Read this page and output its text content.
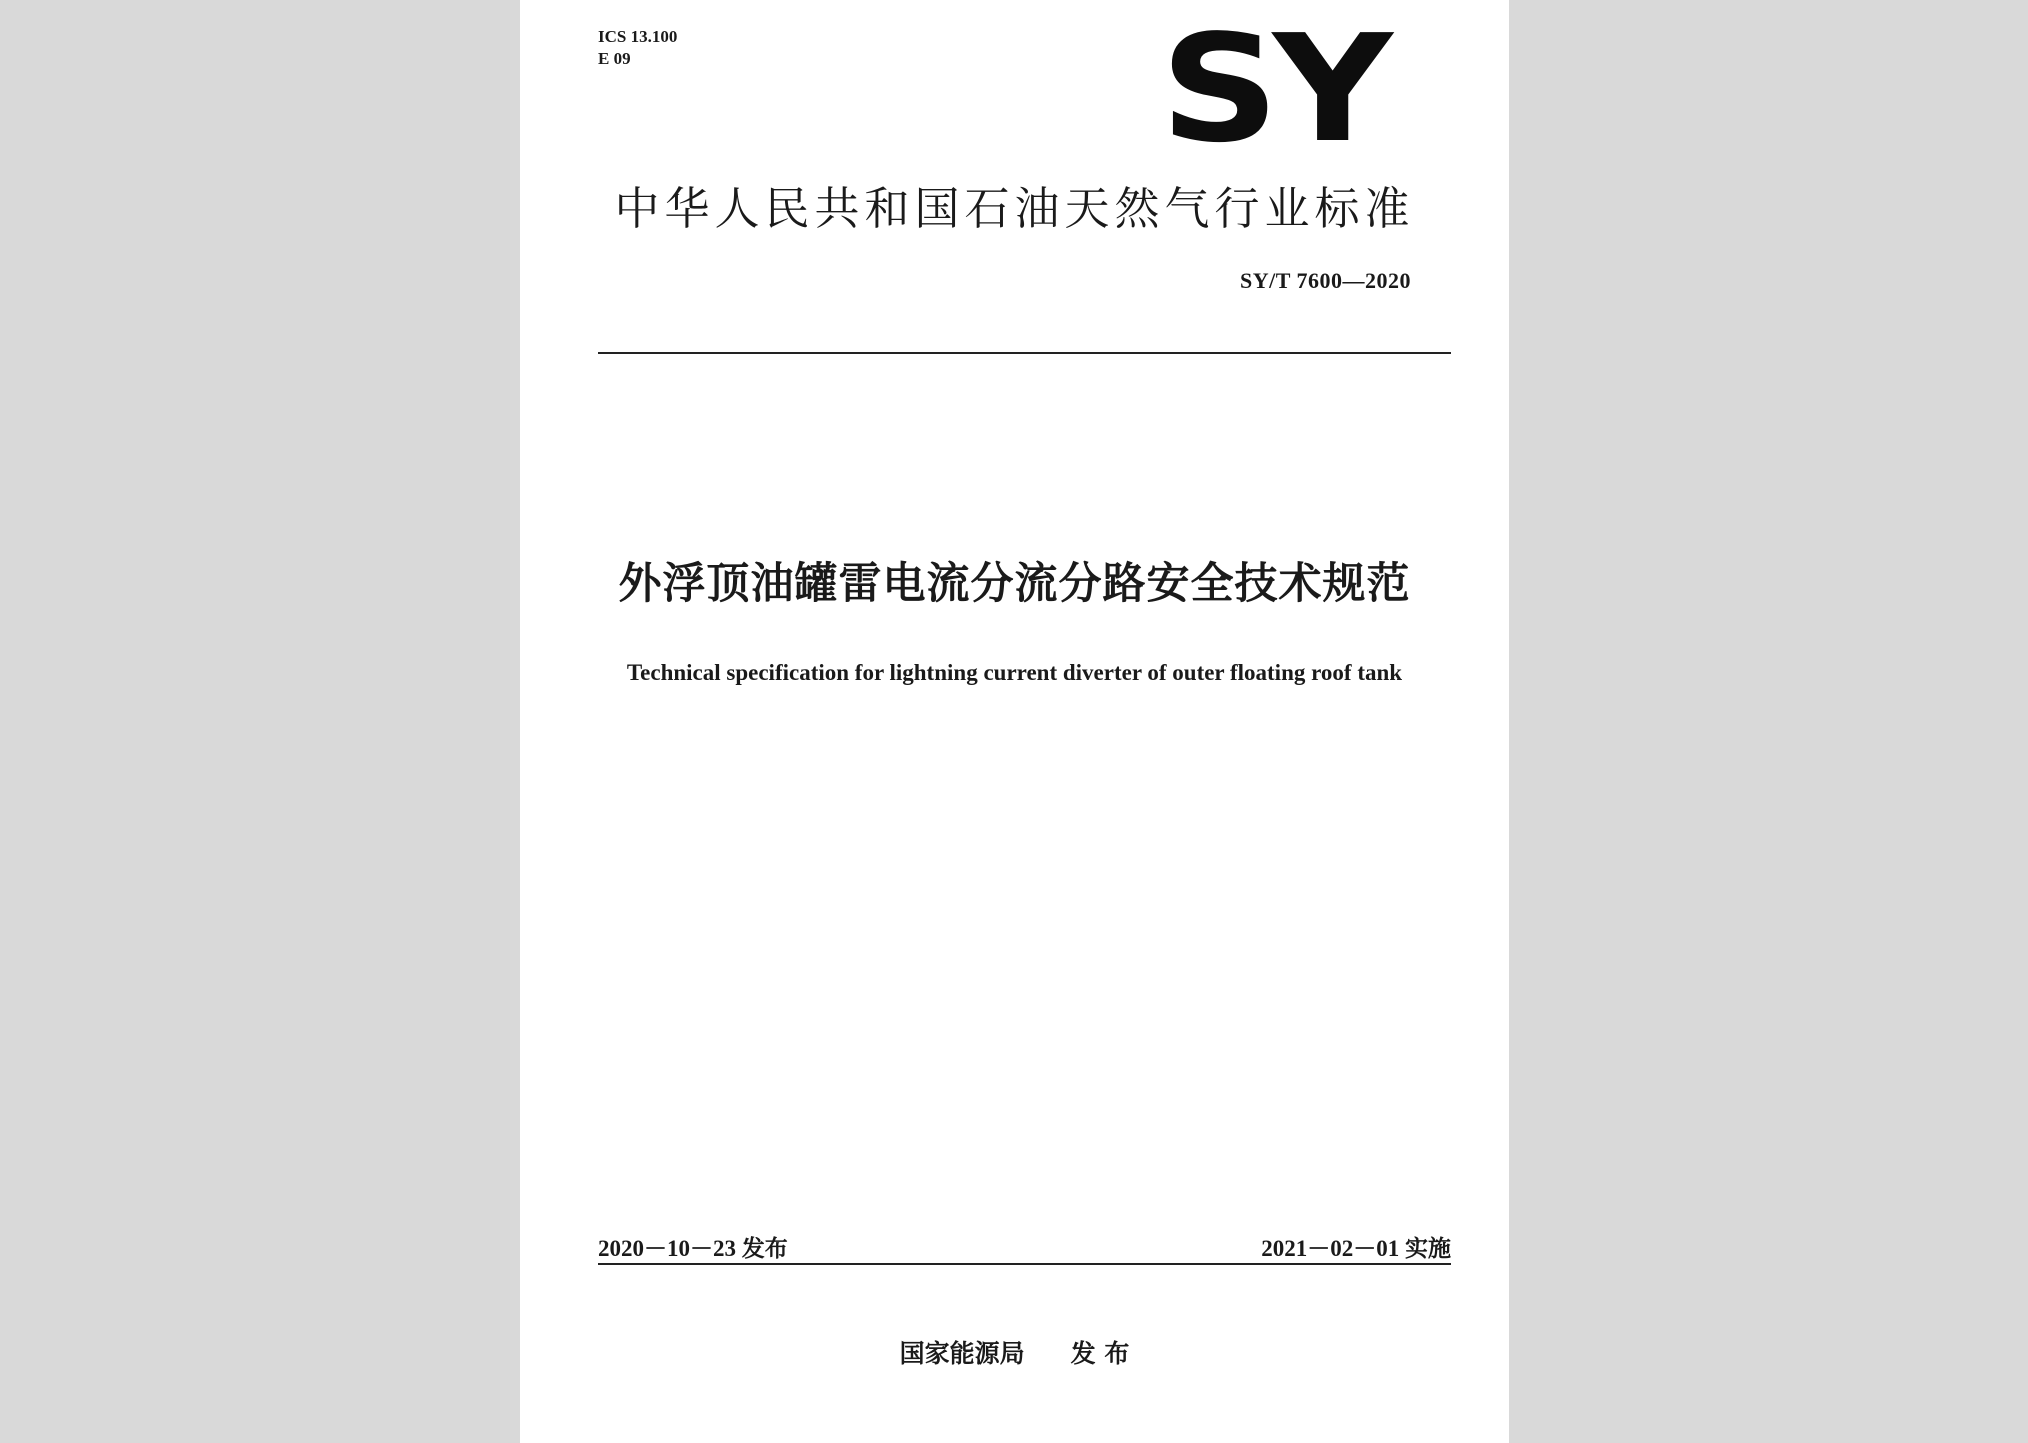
ICS 13.100
E 09	SY
中华人民共和国石油天然气行业标准
SY/T 7600—2020
外浮顶油罐雷电流分流分路安全技术规范
Technical specification for lightning current diverter of outer floating roof tank
2020－10－23 发布	2021－02－01 实施
国家能源局 发 布
